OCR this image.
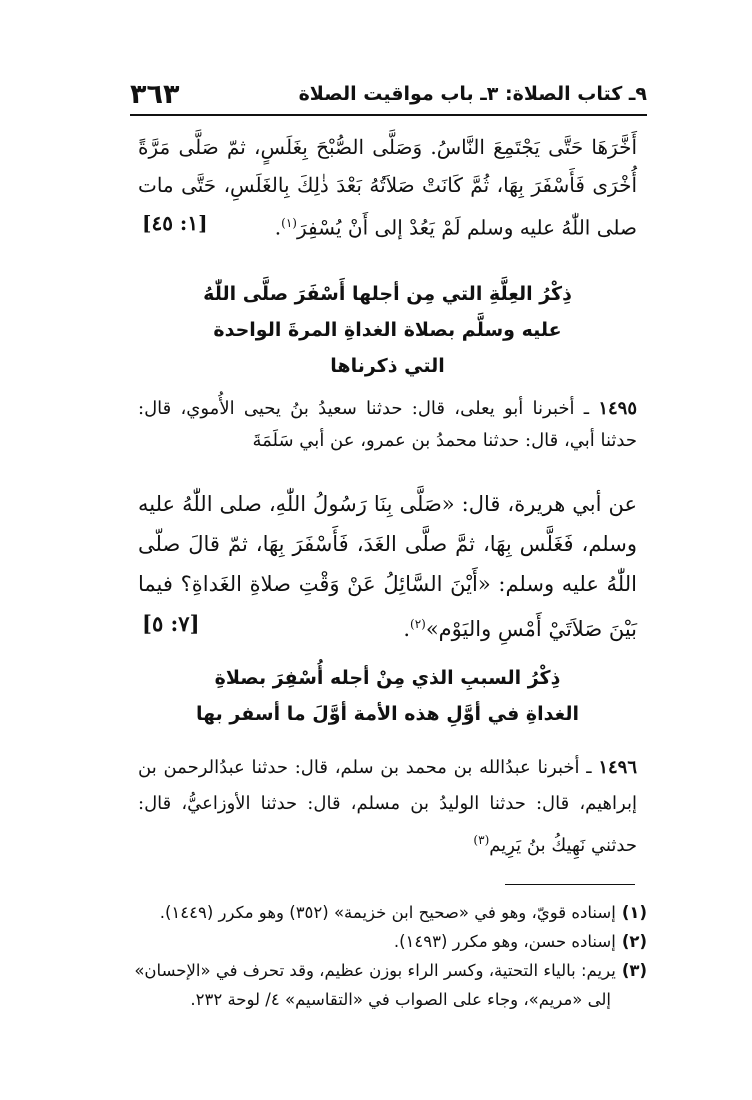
٩ـ كتاب الصلاة: ٣ـ باب مواقيت الصلاة
٣٦٣
أَخَّرَهَا حَتَّى يَجْتَمِعَ النَّاسُ. وَصَلَّى الصُّبْحَ بِغَلَسٍ، ثمّ صَلَّى مَرَّةً أُخْرَى فَأَسْفَرَ بِهَا، ثُمَّ كَانَتْ صَلاَتُهُ بَعْدَ ذٰلِكَ بِالغَلَسِ، حَتَّى مات صلى اللّٰهُ عليه وسلم لَمْ يَعُدْ إلى أَنْ يُسْفِرَ$^{(١)}$.
[١: ٤٥]
ذِكْرُ العِلَّةِ التي مِن أجلها أَسْفَرَ صلَّى اللّٰهُ
عليه وسلَّم بصلاة الغداةِ المرةَ الواحدة
التي ذكرناها
١٤٩٥ ـ أخبرنا أبو يعلى، قال: حدثنا سعيدُ بنُ يحيى الأُموي، قال: حدثنا أبي، قال: حدثنا محمدُ بن عمرو، عن أبي سَلَمَةَ
عن أبي هريرة، قال: «صَلَّى بِنَا رَسُولُ اللّٰهِ، صلى اللّٰهُ عليه وسلم، فَغَلَّس بِهَا، ثمَّ صلَّى الغَدَ، فَأَسْفَرَ بِهَا، ثمّ قالَ صلّى اللّٰهُ عليه وسلم: «أَيْنَ السَّائِلُ عَنْ وَقْتِ صلاةِ الغَداةِ؟ فيما بَيْنَ صَلاَتَيْ أَمْسِ واليَوْم»$^{(٢)}$.
[٧: ٥]
ذِكْرُ السببِ الذي مِنْ أجله أُسْفِرَ بصلاةِ
الغداةِ في أوَّلِ هذه الأمة أوَّلَ ما أسفر بها
١٤٩٦ ـ أخبرنا عبدُالله بن محمد بن سلم، قال: حدثنا عبدُالرحمن بن إبراهيم، قال: حدثنا الوليدُ بن مسلم، قال: حدثنا الأوزاعيُّ، قال: حدثني نَهِيكُ بنُ يَرِيم$^{(٣)}$

(١)إسناده قويّ، وهو في «صحيح ابن خزيمة» (٣٥٢) وهو مكرر (١٤٤٩).

(٢)إسناده حسن، وهو مكرر (١٤٩٣).

(٣)يريم: بالياء التحتية، وكسر الراء بوزن عظيم، وقد تحرف في «الإحسان»

إلى «مريم»، وجاء على الصواب في «التقاسيم» ٤/ لوحة ٢٣٢.
